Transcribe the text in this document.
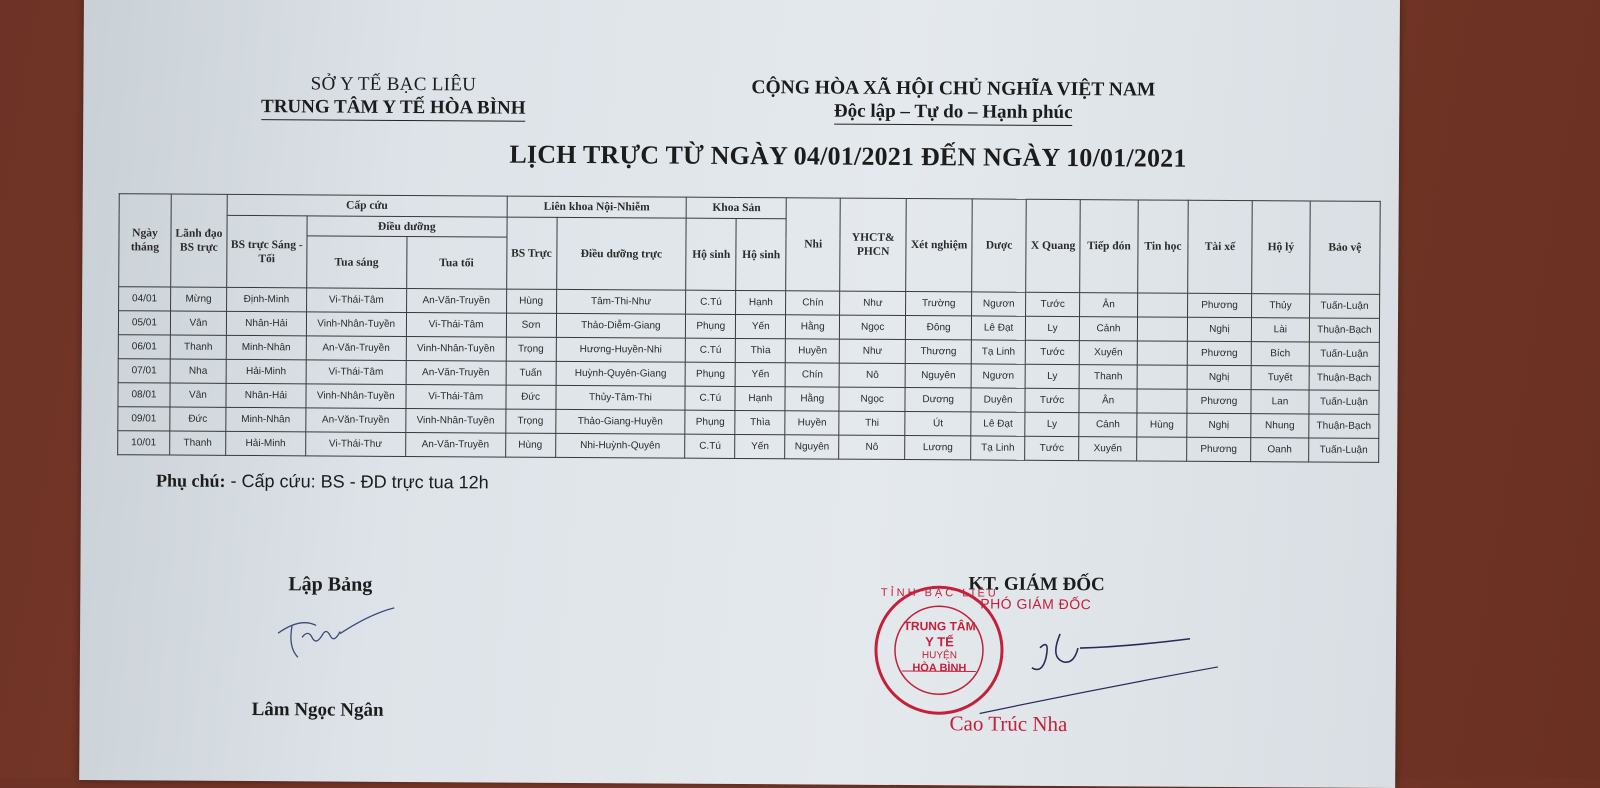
SỞ Y TẾ BẠC LIÊU
TRUNG TÂM Y TẾ HÒA BÌNH
CỘNG HÒA XÃ HỘI CHỦ NGHĨA VIỆT NAM
Độc lập – Tự do – Hạnh phúc
LỊCH TRỰC TỪ NGÀY 04/01/2021 ĐẾN NGÀY 10/01/2021
Ngày tháng	Lãnh đạo BS trực	Cấp cứu			Liên khoa Nội-Nhiễm		Khoa Sản		Nhi	YHCT& PHCN	Xét nghiệm	Dược	X Quang	Tiếp đón	Tin học	Tài xế	Hộ lý	Bảo vệ
		BS trực Sáng - Tối	Điều dưỡng		BS Trực	Điều dưỡng trực	Hộ sinh	Hộ sinh										
			Tua sáng	Tua tối														
04/01	Mừng	Định-Minh	Vi-Thái-Tâm	An-Văn-Truyền	Hùng	Tâm-Thi-Như	C.Tú	Hạnh	Chín	Như	Trường	Ngươn	Tước	Ân		Phương	Thủy	Tuấn-Luận
05/01	Vân	Nhân-Hải	Vinh-Nhân-Tuyền	Vi-Thái-Tâm	Sơn	Thảo-Diễm-Giang	Phụng	Yến	Hằng	Ngọc	Đông	Lê Đạt	Ly	Cảnh		Nghị	Lài	Thuận-Bạch
06/01	Thanh	Minh-Nhân	An-Văn-Truyền	Vinh-Nhân-Tuyền	Trọng	Hương-Huyền-Nhi	C.Tú	Thìa	Huyền	Như	Thương	Tạ Linh	Tước	Xuyến		Phương	Bích	Tuấn-Luận
07/01	Nha	Hải-Minh	Vi-Thái-Tâm	An-Văn-Truyền	Tuấn	Huỳnh-Quyên-Giang	Phụng	Yến	Chín	Nô	Nguyên	Ngươn	Ly	Thanh		Nghị	Tuyết	Thuận-Bạch
08/01	Vân	Nhân-Hải	Vinh-Nhân-Tuyền	Vi-Thái-Tâm	Đức	Thủy-Tâm-Thi	C.Tú	Hạnh	Hằng	Ngọc	Dương	Duyên	Tước	Ân		Phương	Lan	Tuấn-Luận
09/01	Đức	Minh-Nhân	An-Văn-Truyền	Vinh-Nhân-Tuyền	Trọng	Thảo-Giang-Huyền	Phụng	Thìa	Huyền	Thi	Út	Lê Đạt	Ly	Cảnh	Hùng	Nghị	Nhung	Thuận-Bạch
10/01	Thanh	Hải-Minh	Vi-Thái-Thư	An-Văn-Truyền	Hùng	Nhi-Huỳnh-Quyên	C.Tú	Yến	Nguyên	Nô	Lương	Tạ Linh	Tước	Xuyến		Phương	Oanh	Tuấn-Luận
Phụ chú: - Cấp cứu: BS - ĐD trực tua 12h
Lập Bảng
Lâm Ngọc Ngân
KT. GIÁM ĐỐC
PHÓ GIÁM ĐỐC
TỈNH BẠC LIÊU
TRUNG TÂM
Y TẾ
HUYỆN
HÒA BÌNH
Cao Trúc Nha
